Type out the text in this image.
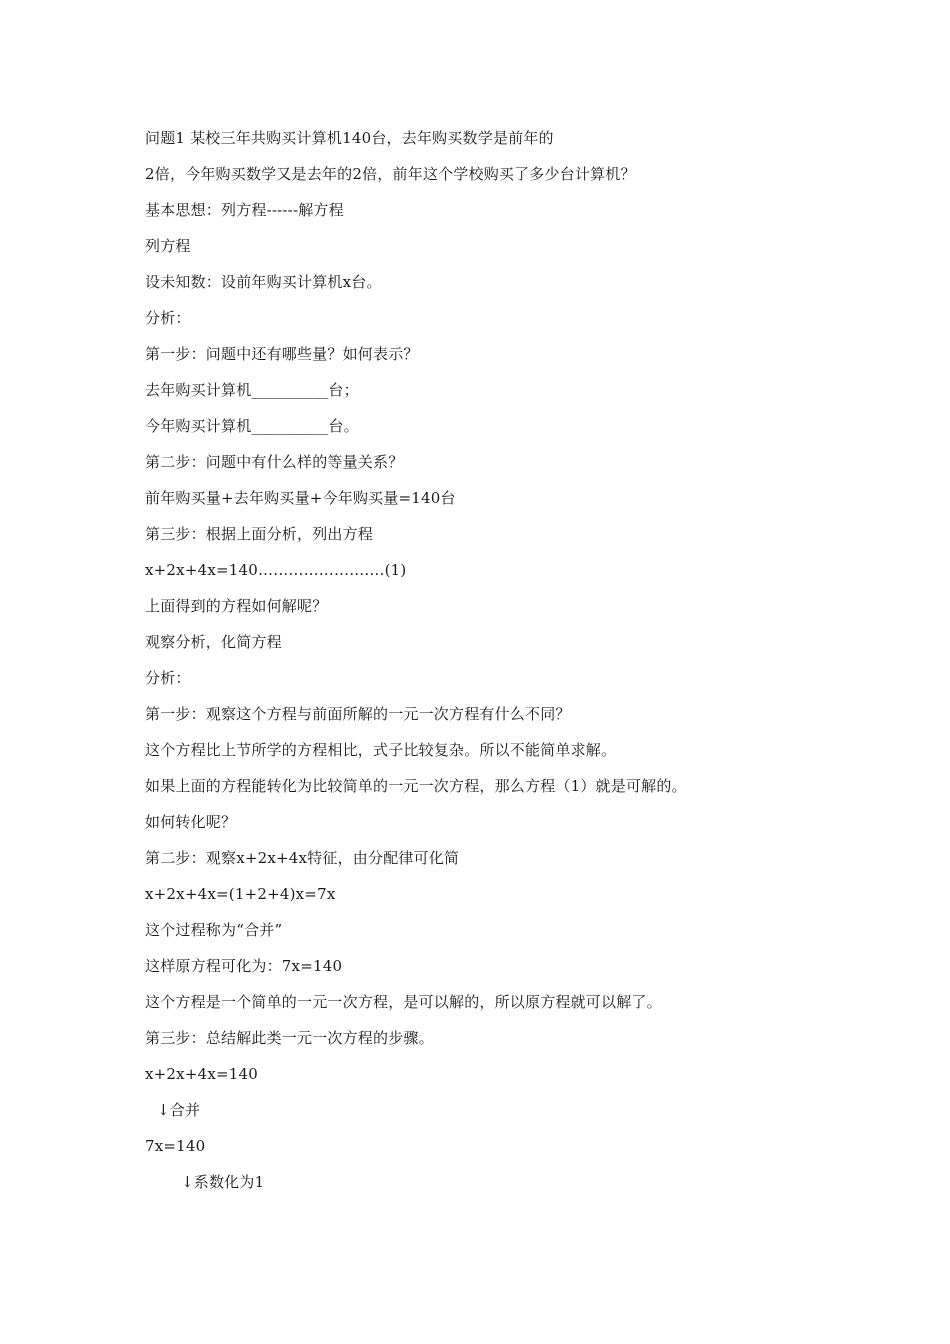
问题1 某校三年共购买计算机140台，去年购买数学是前年的
2倍，今年购买数学又是去年的2倍，前年这个学校购买了多少台计算机？
基本思想：列方程------解方程
列方程
设未知数：设前年购买计算机x台。
分析：
第一步：问题中还有哪些量？如何表示？
去年购买计算机__________台；
今年购买计算机__________台。
第二步：问题中有什么样的等量关系？
前年购买量+去年购买量+今年购买量=140台
第三步：根据上面分析，列出方程
x+2x+4x=140…………………….(1)
上面得到的方程如何解呢？
观察分析，化简方程
分析：
第一步：观察这个方程与前面所解的一元一次方程有什么不同？
这个方程比上节所学的方程相比，式子比较复杂。所以不能简单求解。
如果上面的方程能转化为比较简单的一元一次方程，那么方程（1）就是可解的。
如何转化呢？
第二步：观察x+2x+4x特征，由分配律可化简
x+2x+4x=(1+2+4)x=7x
这个过程称为“合并”
这样原方程可化为：7x=140
这个方程是一个简单的一元一次方程，是可以解的，所以原方程就可以解了。
第三步：总结解此类一元一次方程的步骤。
x+2x+4x=140
↓合并
7x=140
↓系数化为1
